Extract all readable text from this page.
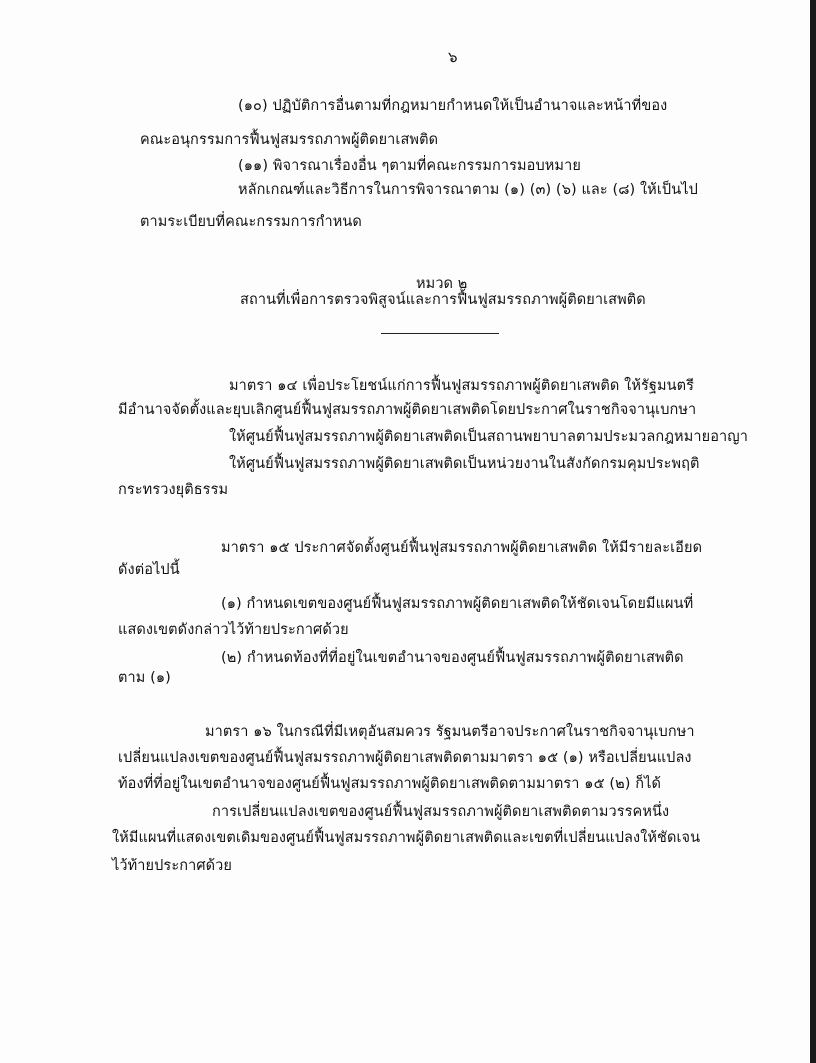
๖
(๑๐) ปฏิบัติการอื่นตามที่กฎหมายกำหนดให้เป็นอำนาจและหน้าที่ของ
คณะอนุกรรมการฟื้นฟูสมรรถภาพผู้ติดยาเสพติด
(๑๑) พิจารณาเรื่องอื่น ๆตามที่คณะกรรมการมอบหมาย
หลักเกณฑ์และวิธีการในการพิจารณาตาม (๑) (๓) (๖) และ (๘) ให้เป็นไป
ตามระเบียบที่คณะกรรมการกำหนด
หมวด ๒
สถานที่เพื่อการตรวจพิสูจน์และการฟื้นฟูสมรรถภาพผู้ติดยาเสพติด
มาตรา ๑๔ เพื่อประโยชน์แก่การฟื้นฟูสมรรถภาพผู้ติดยาเสพติด ให้รัฐมนตรี
มีอำนาจจัดตั้งและยุบเลิกศูนย์ฟื้นฟูสมรรถภาพผู้ติดยาเสพติดโดยประกาศในราชกิจจานุเบกษา
ให้ศูนย์ฟื้นฟูสมรรถภาพผู้ติดยาเสพติดเป็นสถานพยาบาลตามประมวลกฎหมายอาญา
ให้ศูนย์ฟื้นฟูสมรรถภาพผู้ติดยาเสพติดเป็นหน่วยงานในสังกัดกรมคุมประพฤติ
กระทรวงยุติธรรม
มาตรา ๑๕ ประกาศจัดตั้งศูนย์ฟื้นฟูสมรรถภาพผู้ติดยาเสพติด ให้มีรายละเอียด
ดังต่อไปนี้
(๑) กำหนดเขตของศูนย์ฟื้นฟูสมรรถภาพผู้ติดยาเสพติดให้ชัดเจนโดยมีแผนที่
แสดงเขตดังกล่าวไว้ท้ายประกาศด้วย
(๒) กำหนดท้องที่ที่อยู่ในเขตอำนาจของศูนย์ฟื้นฟูสมรรถภาพผู้ติดยาเสพติด
ตาม (๑)
มาตรา ๑๖ ในกรณีที่มีเหตุอันสมควร รัฐมนตรีอาจประกาศในราชกิจจานุเบกษา
เปลี่ยนแปลงเขตของศูนย์ฟื้นฟูสมรรถภาพผู้ติดยาเสพติดตามมาตรา ๑๕ (๑) หรือเปลี่ยนแปลง
ท้องที่ที่อยู่ในเขตอำนาจของศูนย์ฟื้นฟูสมรรถภาพผู้ติดยาเสพติดตามมาตรา ๑๕ (๒) ก็ได้
การเปลี่ยนแปลงเขตของศูนย์ฟื้นฟูสมรรถภาพผู้ติดยาเสพติดตามวรรคหนึ่ง
ให้มีแผนที่แสดงเขตเดิมของศูนย์ฟื้นฟูสมรรถภาพผู้ติดยาเสพติดและเขตที่เปลี่ยนแปลงให้ชัดเจน
ไว้ท้ายประกาศด้วย
